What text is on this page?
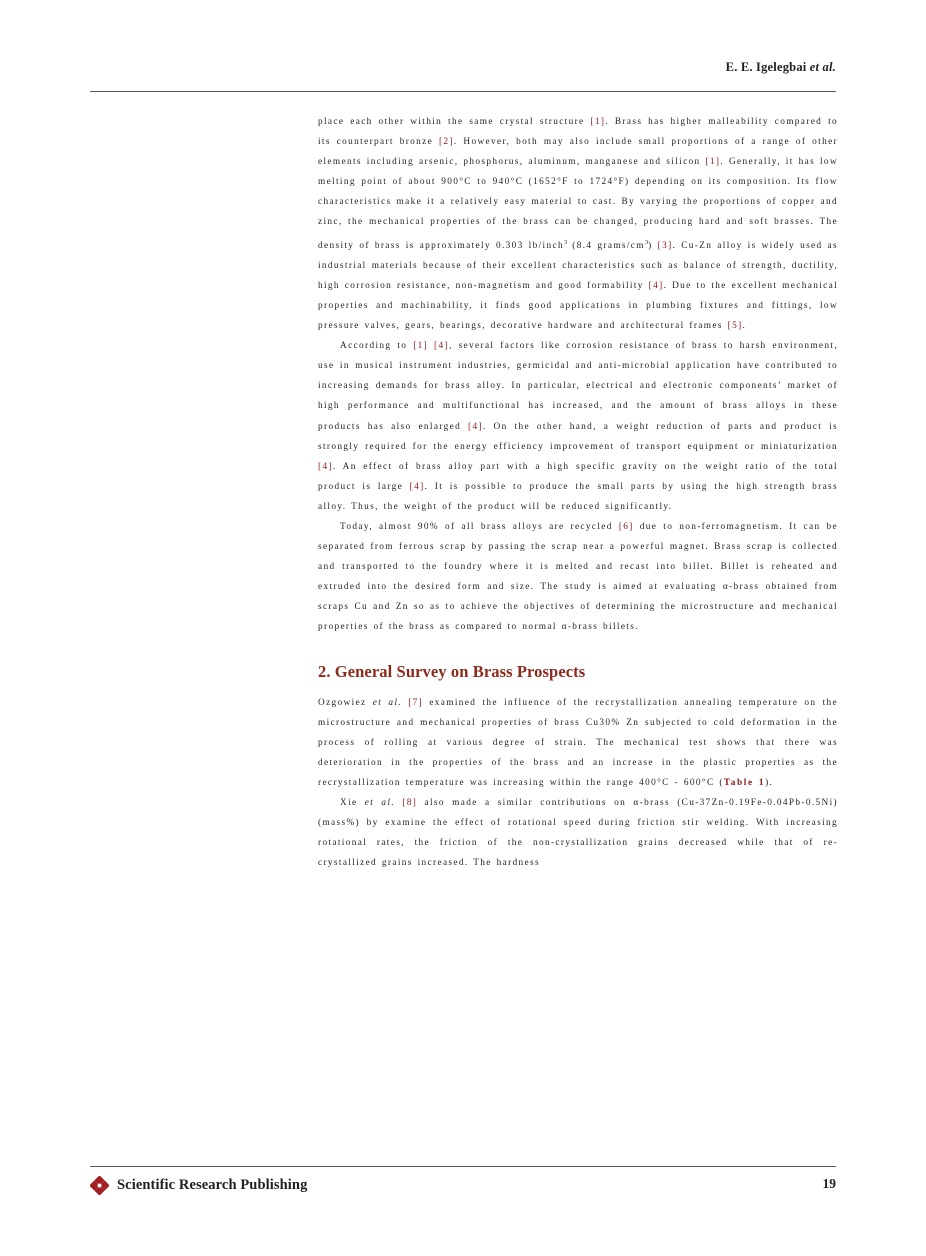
E. E. Igelegbai et al.

place each other within the same crystal structure [1]. Brass has higher malleability compared to its counterpart bronze [2]. However, both may also include small proportions of a range of other elements including arsenic, phosphorus, aluminum, manganese and silicon [1]. Generally, it has low melting point of about 900°C to 940°C (1652°F to 1724°F) depending on its composition. Its flow characteristics make it a relatively easy material to cast. By varying the proportions of copper and zinc, the mechanical properties of the brass can be changed, producing hard and soft brasses. The density of brass is approximately 0.303 lb/inch$^3$ (8.4 grams/$cm^3$) [3]. Cu-Zn alloy is widely used as industrial materials because of their excellent characteristics such as balance of strength, ductility, high corrosion resistance, non-magnetism and good formability [4]. Due to the excellent mechanical properties and machinability, it finds good applications in plumbing fixtures and fittings, low pressure valves, gears, bearings, decorative hardware and architectural frames [5].

According to [1] [4], several factors like corrosion resistance of brass to harsh environment, use in musical instrument industries, germicidal and anti-microbial application have contributed to increasing demands for brass alloy. In particular, electrical and electronic components’ market of high performance and multifunctional has increased, and the amount of brass alloys in these products has also enlarged [4]. On the other hand, a weight reduction of parts and product is strongly required for the energy efficiency improvement of transport equipment or miniaturization [4]. An effect of brass alloy part with a high specific gravity on the weight ratio of the total product is large [4]. It is possible to produce the small parts by using the high strength brass alloy. Thus, the weight of the product will be reduced significantly.

Today, almost 90% of all brass alloys are recycled [6] due to non-ferromagnetism. It can be separated from ferrous scrap by passing the scrap near a powerful magnet. Brass scrap is collected and transported to the foundry where it is melted and recast into billet. Billet is reheated and extruded into the desired form and size. The study is aimed at evaluating α-brass obtained from scraps Cu and Zn so as to achieve the objectives of determining the microstructure and mechanical properties of the brass as compared to normal α-brass billets.

2. General Survey on Brass Prospects

Ozgowiez et al. [7] examined the influence of the recrystallization annealing temperature on the microstructure and mechanical properties of brass Cu30% Zn subjected to cold deformation in the process of rolling at various degree of strain. The mechanical test shows that there was deterioration in the properties of the brass and an increase in the plastic properties as the recrystallization temperature was increasing within the range 400°C - 600°C (Table 1).

Xie et al. [8] also made a similar contributions on α-brass (Cu-37Zn-0.19Fe-0.04Pb-0.5Ni) (mass%) by examine the effect of rotational speed during friction stir welding. With increasing rotational rates, the friction of the non-crystallization grains decreased while that of re-crystallized grains increased. The hardness

Scientific Research Publishing	19
